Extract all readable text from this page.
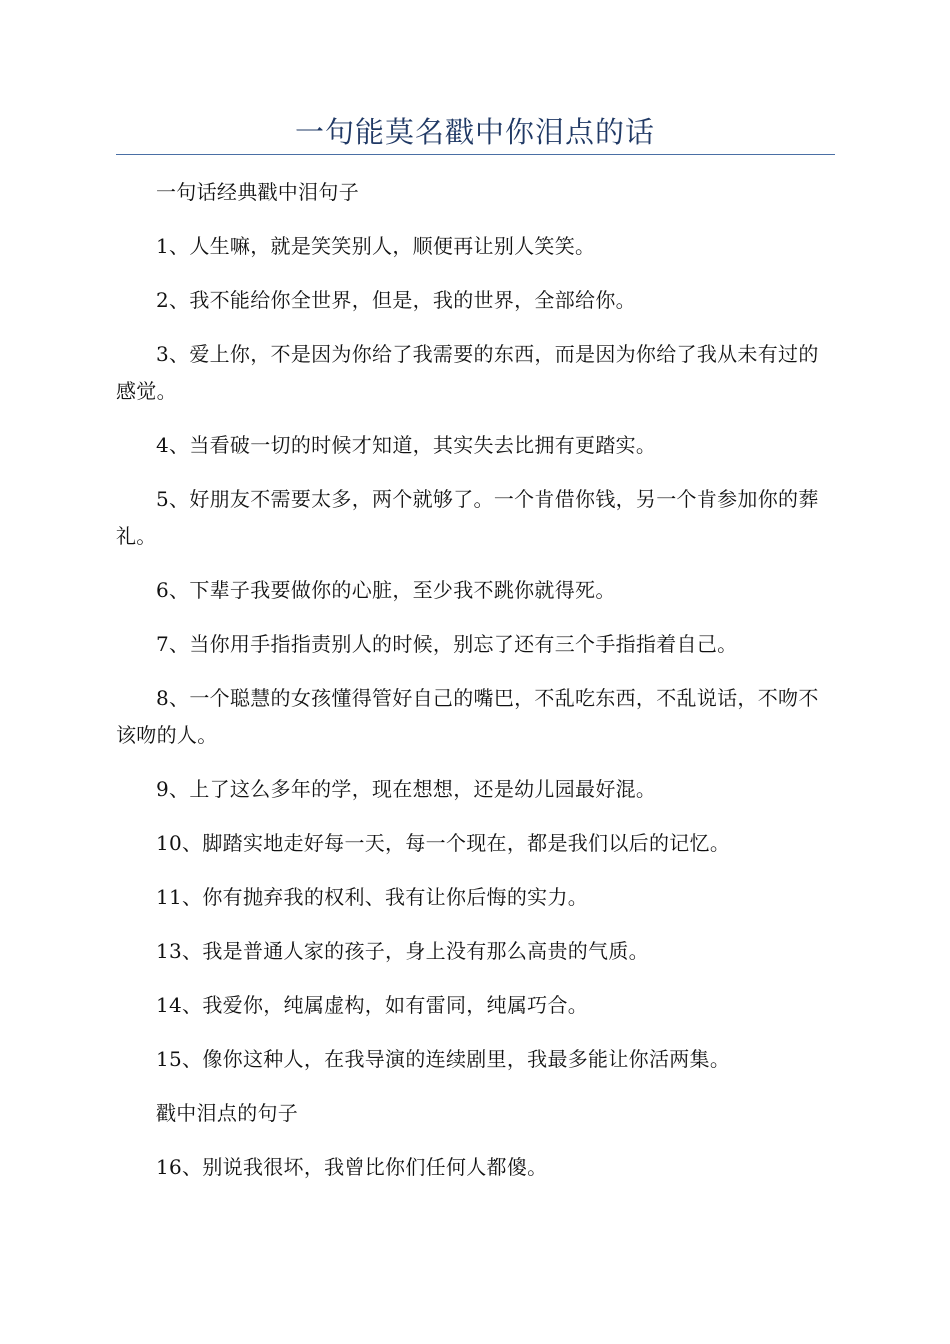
一句能莫名戳中你泪点的话

一句话经典戳中泪句子

1、人生嘛，就是笑笑别人，顺便再让别人笑笑。

2、我不能给你全世界，但是，我的世界，全部给你。

3、爱上你，不是因为你给了我需要的东西，而是因为你给了我从未有过的感觉。

4、当看破一切的时候才知道，其实失去比拥有更踏实。

5、好朋友不需要太多，两个就够了。一个肯借你钱，另一个肯参加你的葬礼。

6、下辈子我要做你的心脏，至少我不跳你就得死。

7、当你用手指指责别人的时候，别忘了还有三个手指指着自己。

8、一个聪慧的女孩懂得管好自己的嘴巴，不乱吃东西，不乱说话，不吻不该吻的人。

9、上了这么多年的学，现在想想，还是幼儿园最好混。

10、脚踏实地走好每一天，每一个现在，都是我们以后的记忆。

11、你有抛弃我的权利、我有让你后悔的实力。

13、我是普通人家的孩子，身上没有那么高贵的气质。

14、我爱你，纯属虚构，如有雷同，纯属巧合。

15、像你这种人，在我导演的连续剧里，我最多能让你活两集。

戳中泪点的句子

16、别说我很坏，我曾比你们任何人都傻。
